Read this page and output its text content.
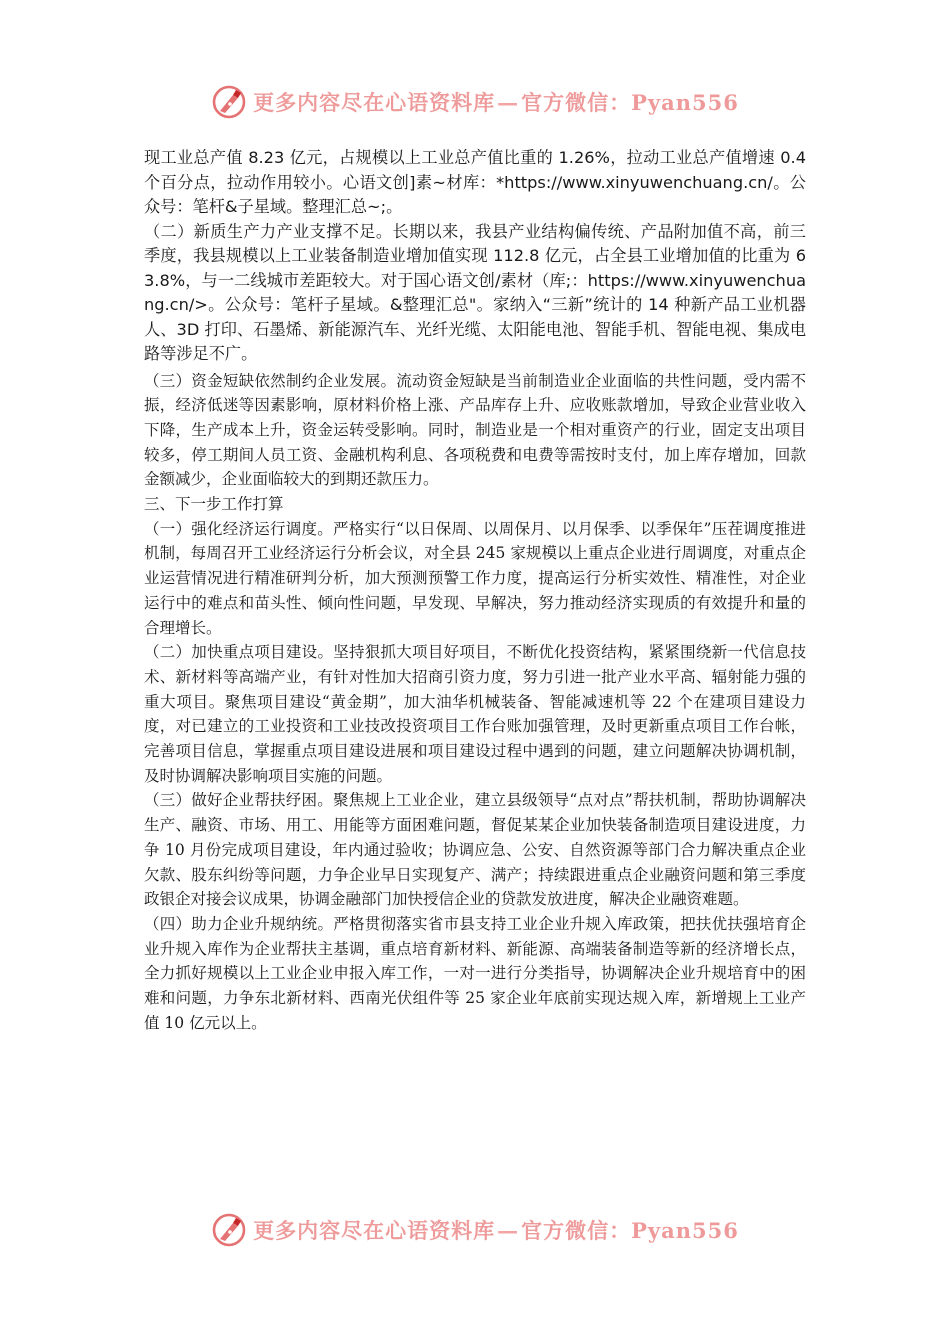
更多内容尽在心语资料库—官方微信：Pyan556

现工业总产值 8.23 亿元，占规模以上工业总产值比重的 1.26%，拉动工业总产值增速 0.4 个百分点，拉动作用较小。心语文创]素~材库：*https://www.xinyuwenchuang.cn/。公众号：笔杆&子星域。整理汇总~;。

（二）新质生产力产业支撑不足。长期以来，我县产业结构偏传统、产品附加值不高，前三季度，我县规模以上工业装备制造业增加值实现 112.8 亿元，占全县工业增加值的比重为 63.8%，与一二线城市差距较大。对于国心语文创/素材（库;：https://www.xinyuwenchuang.cn/>。公众号：笔杆子星域。&整理汇总"。家纳入“三新”统计的 14 种新产品工业机器人、3D 打印、石墨烯、新能源汽车、光纤光缆、太阳能电池、智能手机、智能电视、集成电路等涉足不广。

（三）资金短缺依然制约企业发展。流动资金短缺是当前制造业企业面临的共性问题，受内需不振，经济低迷等因素影响，原材料价格上涨、产品库存上升、应收账款增加，导致企业营业收入下降，生产成本上升，资金运转受影响。同时，制造业是一个相对重资产的行业，固定支出项目较多，停工期间人员工资、金融机构利息、各项税费和电费等需按时支付，加上库存增加，回款金额减少，企业面临较大的到期还款压力。

三、下一步工作打算

（一）强化经济运行调度。严格实行“以日保周、以周保月、以月保季、以季保年”压茬调度推进机制，每周召开工业经济运行分析会议，对全县 245 家规模以上重点企业进行周调度，对重点企业运营情况进行精准研判分析，加大预测预警工作力度，提高运行分析实效性、精准性，对企业运行中的难点和苗头性、倾向性问题，早发现、早解决，努力推动经济实现质的有效提升和量的合理增长。

（二）加快重点项目建设。坚持狠抓大项目好项目，不断优化投资结构，紧紧围绕新一代信息技术、新材料等高端产业，有针对性加大招商引资力度，努力引进一批产业水平高、辐射能力强的重大项目。聚焦项目建设“黄金期”，加大油华机械装备、智能减速机等 22 个在建项目建设力度，对已建立的工业投资和工业技改投资项目工作台账加强管理，及时更新重点项目工作台帐，完善项目信息，掌握重点项目建设进展和项目建设过程中遇到的问题，建立问题解决协调机制，及时协调解决影响项目实施的问题。

（三）做好企业帮扶纾困。聚焦规上工业企业，建立县级领导“点对点”帮扶机制，帮助协调解决生产、融资、市场、用工、用能等方面困难问题，督促某某企业加快装备制造项目建设进度，力争 10 月份完成项目建设，年内通过验收；协调应急、公安、自然资源等部门合力解决重点企业欠款、股东纠纷等问题，力争企业早日实现复产、满产；持续跟进重点企业融资问题和第三季度政银企对接会议成果，协调金融部门加快授信企业的贷款发放进度，解决企业融资难题。

（四）助力企业升规纳统。严格贯彻落实省市县支持工业企业升规入库政策，把扶优扶强培育企业升规入库作为企业帮扶主基调，重点培育新材料、新能源、高端装备制造等新的经济增长点，全力抓好规模以上工业企业申报入库工作，一对一进行分类指导，协调解决企业升规培育中的困难和问题，力争东北新材料、西南光伏组件等 25 家企业年底前实现达规入库，新增规上工业产值 10 亿元以上。

更多内容尽在心语资料库—官方微信：Pyan556
